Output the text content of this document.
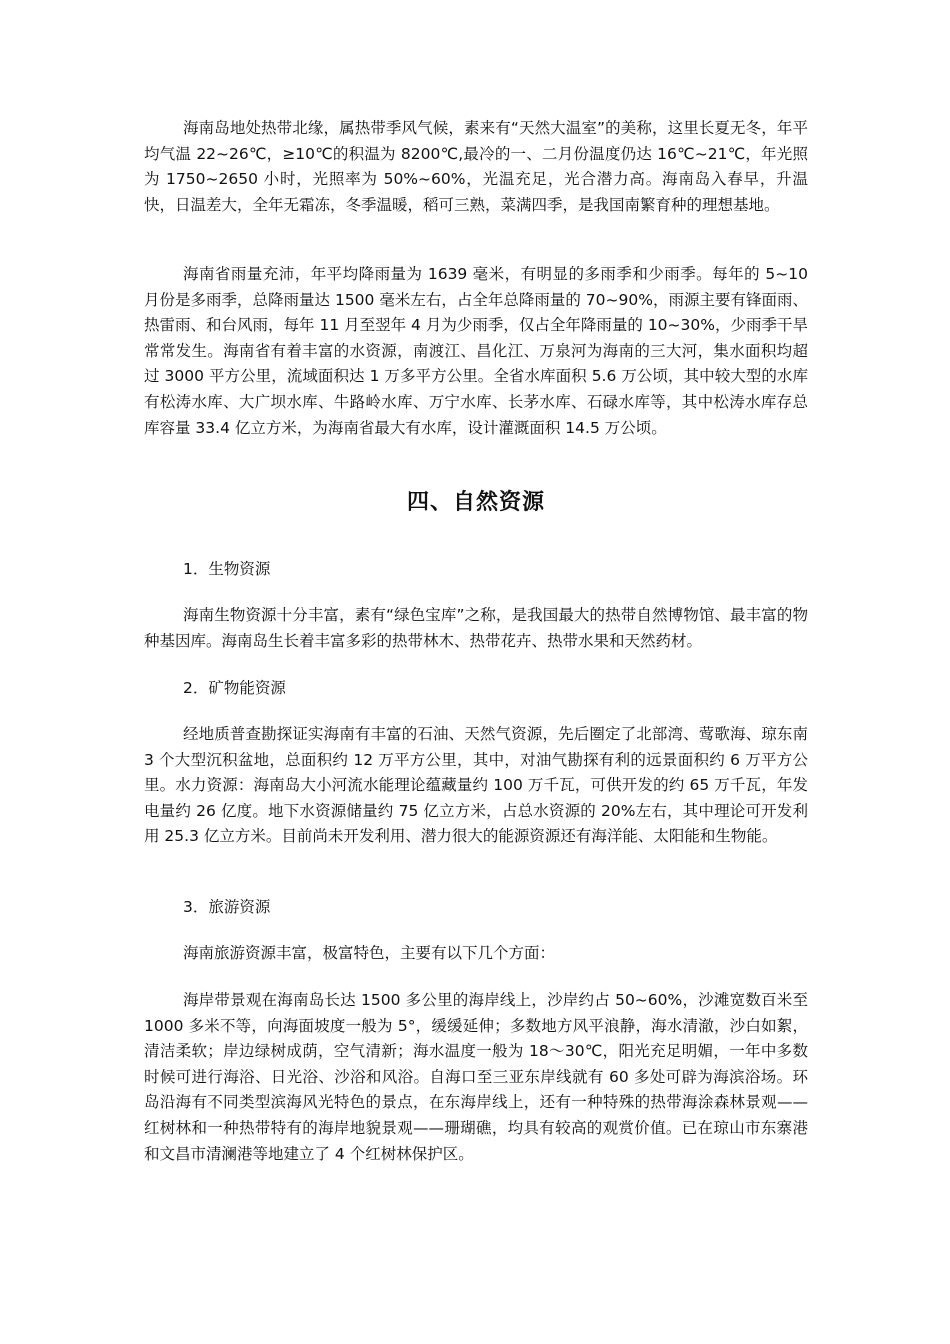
海南岛地处热带北缘，属热带季风气候，素来有“天然大温室”的美称，这里长夏无冬，年平均气温 22~26℃，≥10℃的积温为 8200℃,最冷的一、二月份温度仍达 16℃~21℃，年光照为 1750~2650 小时，光照率为 50%~60%，光温充足，光合潜力高。海南岛入春早，升温快，日温差大，全年无霜冻，冬季温暖，稻可三熟，菜满四季，是我国南繁育种的理想基地。

海南省雨量充沛，年平均降雨量为 1639 毫米，有明显的多雨季和少雨季。每年的 5~10 月份是多雨季，总降雨量达 1500 毫米左右，占全年总降雨量的 70~90%，雨源主要有锋面雨、热雷雨、和台风雨，每年 11 月至翌年 4 月为少雨季，仅占全年降雨量的 10~30%，少雨季干旱常常发生。海南省有着丰富的水资源，南渡江、昌化江、万泉河为海南的三大河，集水面积均超过 3000 平方公里，流域面积达 1 万多平方公里。全省水库面积 5.6 万公顷，其中较大型的水库有松涛水库、大广坝水库、牛路岭水库、万宁水库、长茅水库、石碌水库等，其中松涛水库存总库容量 33.4 亿立方米，为海南省最大有水库，设计灌溉面积 14.5 万公顷。

四、自然资源

1．生物资源

海南生物资源十分丰富，素有“绿色宝库”之称，是我国最大的热带自然博物馆、最丰富的物种基因库。海南岛生长着丰富多彩的热带林木、热带花卉、热带水果和天然药材。

2．矿物能资源

经地质普查勘探证实海南有丰富的石油、天然气资源，先后圈定了北部湾、莺歌海、琼东南 3 个大型沉积盆地，总面积约 12 万平方公里，其中，对油气勘探有利的远景面积约 6 万平方公里。水力资源：海南岛大小河流水能理论蕴藏量约 100 万千瓦，可供开发的约 65 万千瓦，年发电量约 26 亿度。地下水资源储量约 75 亿立方米，占总水资源的 20%左右，其中理论可开发利用 25.3 亿立方米。目前尚未开发利用、潜力很大的能源资源还有海洋能、太阳能和生物能。

3．旅游资源

海南旅游资源丰富，极富特色，主要有以下几个方面：

海岸带景观在海南岛长达 1500 多公里的海岸线上，沙岸约占 50~60%，沙滩宽数百米至 1000 多米不等，向海面坡度一般为 5°，缓缓延伸；多数地方风平浪静，海水清澈，沙白如絮，清洁柔软；岸边绿树成荫，空气清新；海水温度一般为 18～30℃，阳光充足明媚，一年中多数时候可进行海浴、日光浴、沙浴和风浴。自海口至三亚东岸线就有 60 多处可辟为海滨浴场。环岛沿海有不同类型滨海风光特色的景点，在东海岸线上，还有一种特殊的热带海涂森林景观——红树林和一种热带特有的海岸地貌景观——珊瑚礁，均具有较高的观赏价值。已在琼山市东寨港和文昌市清澜港等地建立了 4 个红树林保护区。
